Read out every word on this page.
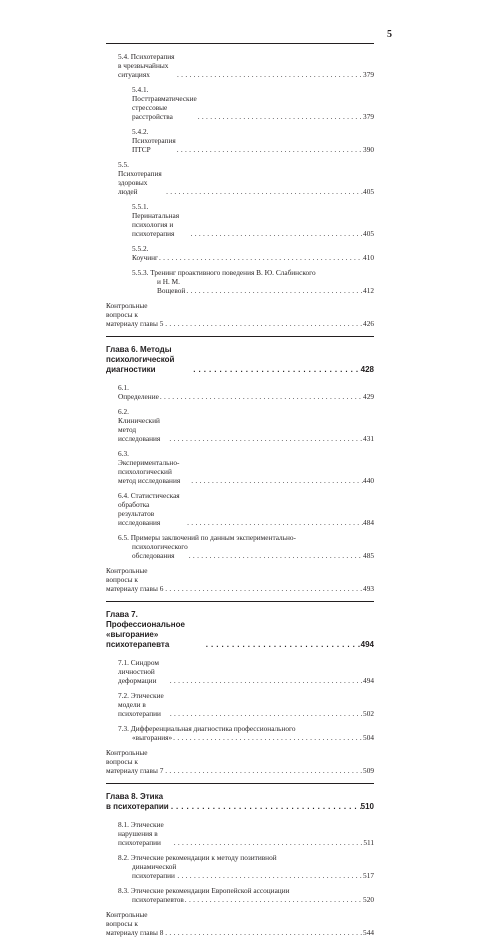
5
5.4. Психотерапия в чрезвычайных ситуациях . . .	379
5.4.1. Посттравматические стрессовые расстройства . . .	379
5.4.2. Психотерапия ПТСР . . .	390
5.5. Психотерапия здоровых людей . . .	405
5.5.1. Перинатальная психология и психотерапия . . .	405
5.5.2. Коучинг . . .	410
5.5.3. Тренинг проактивного поведения В. Ю. Слабинского
и Н. М. Вощевой . . .	412
Контрольные вопросы к материалу главы 5 . . .	426
Глава 6. Методы психологической диагностики . . .	428
6.1. Определение . . .	429
6.2. Клинический метод исследования . . .	431
6.3. Экспериментально-психологический метод исследования . . .	440
6.4. Статистическая обработка результатов исследования . . .	484
6.5. Примеры заключений по данным экспериментально-
психологического обследования . . .	485
Контрольные вопросы к материалу главы 6 . . .	493
Глава 7. Профессиональное «выгорание» психотерапевта . . .	494
7.1. Синдром личностной деформации . . .	494
7.2. Этические модели в психотерапии . . .	502
7.3. Дифференциальная диагностика профессионального
«выгорания» . . .	504
Контрольные вопросы к материалу главы 7 . . .	509
Глава 8. Этика в психотерапии . . .	510
8.1. Этические нарушения в психотерапии . . .	511
8.2. Этические рекомендации к методу позитивной
динамической психотерапии . . .	517
8.3. Этические рекомендации Европейской ассоциации
психотерапевтов . . .	520
Контрольные вопросы к материалу главы 8 . . .	544
